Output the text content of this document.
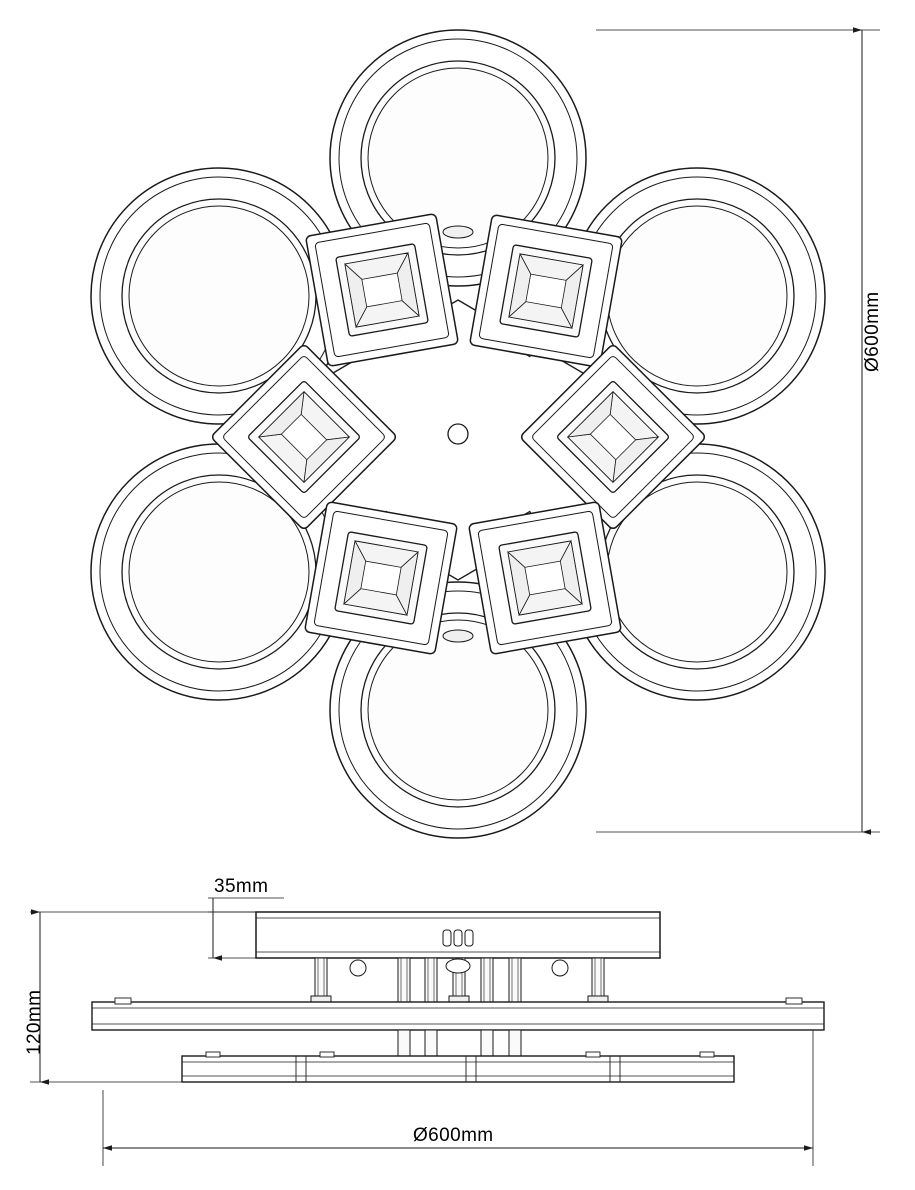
Ø600mm
120mm
35mm
Ø600mm
